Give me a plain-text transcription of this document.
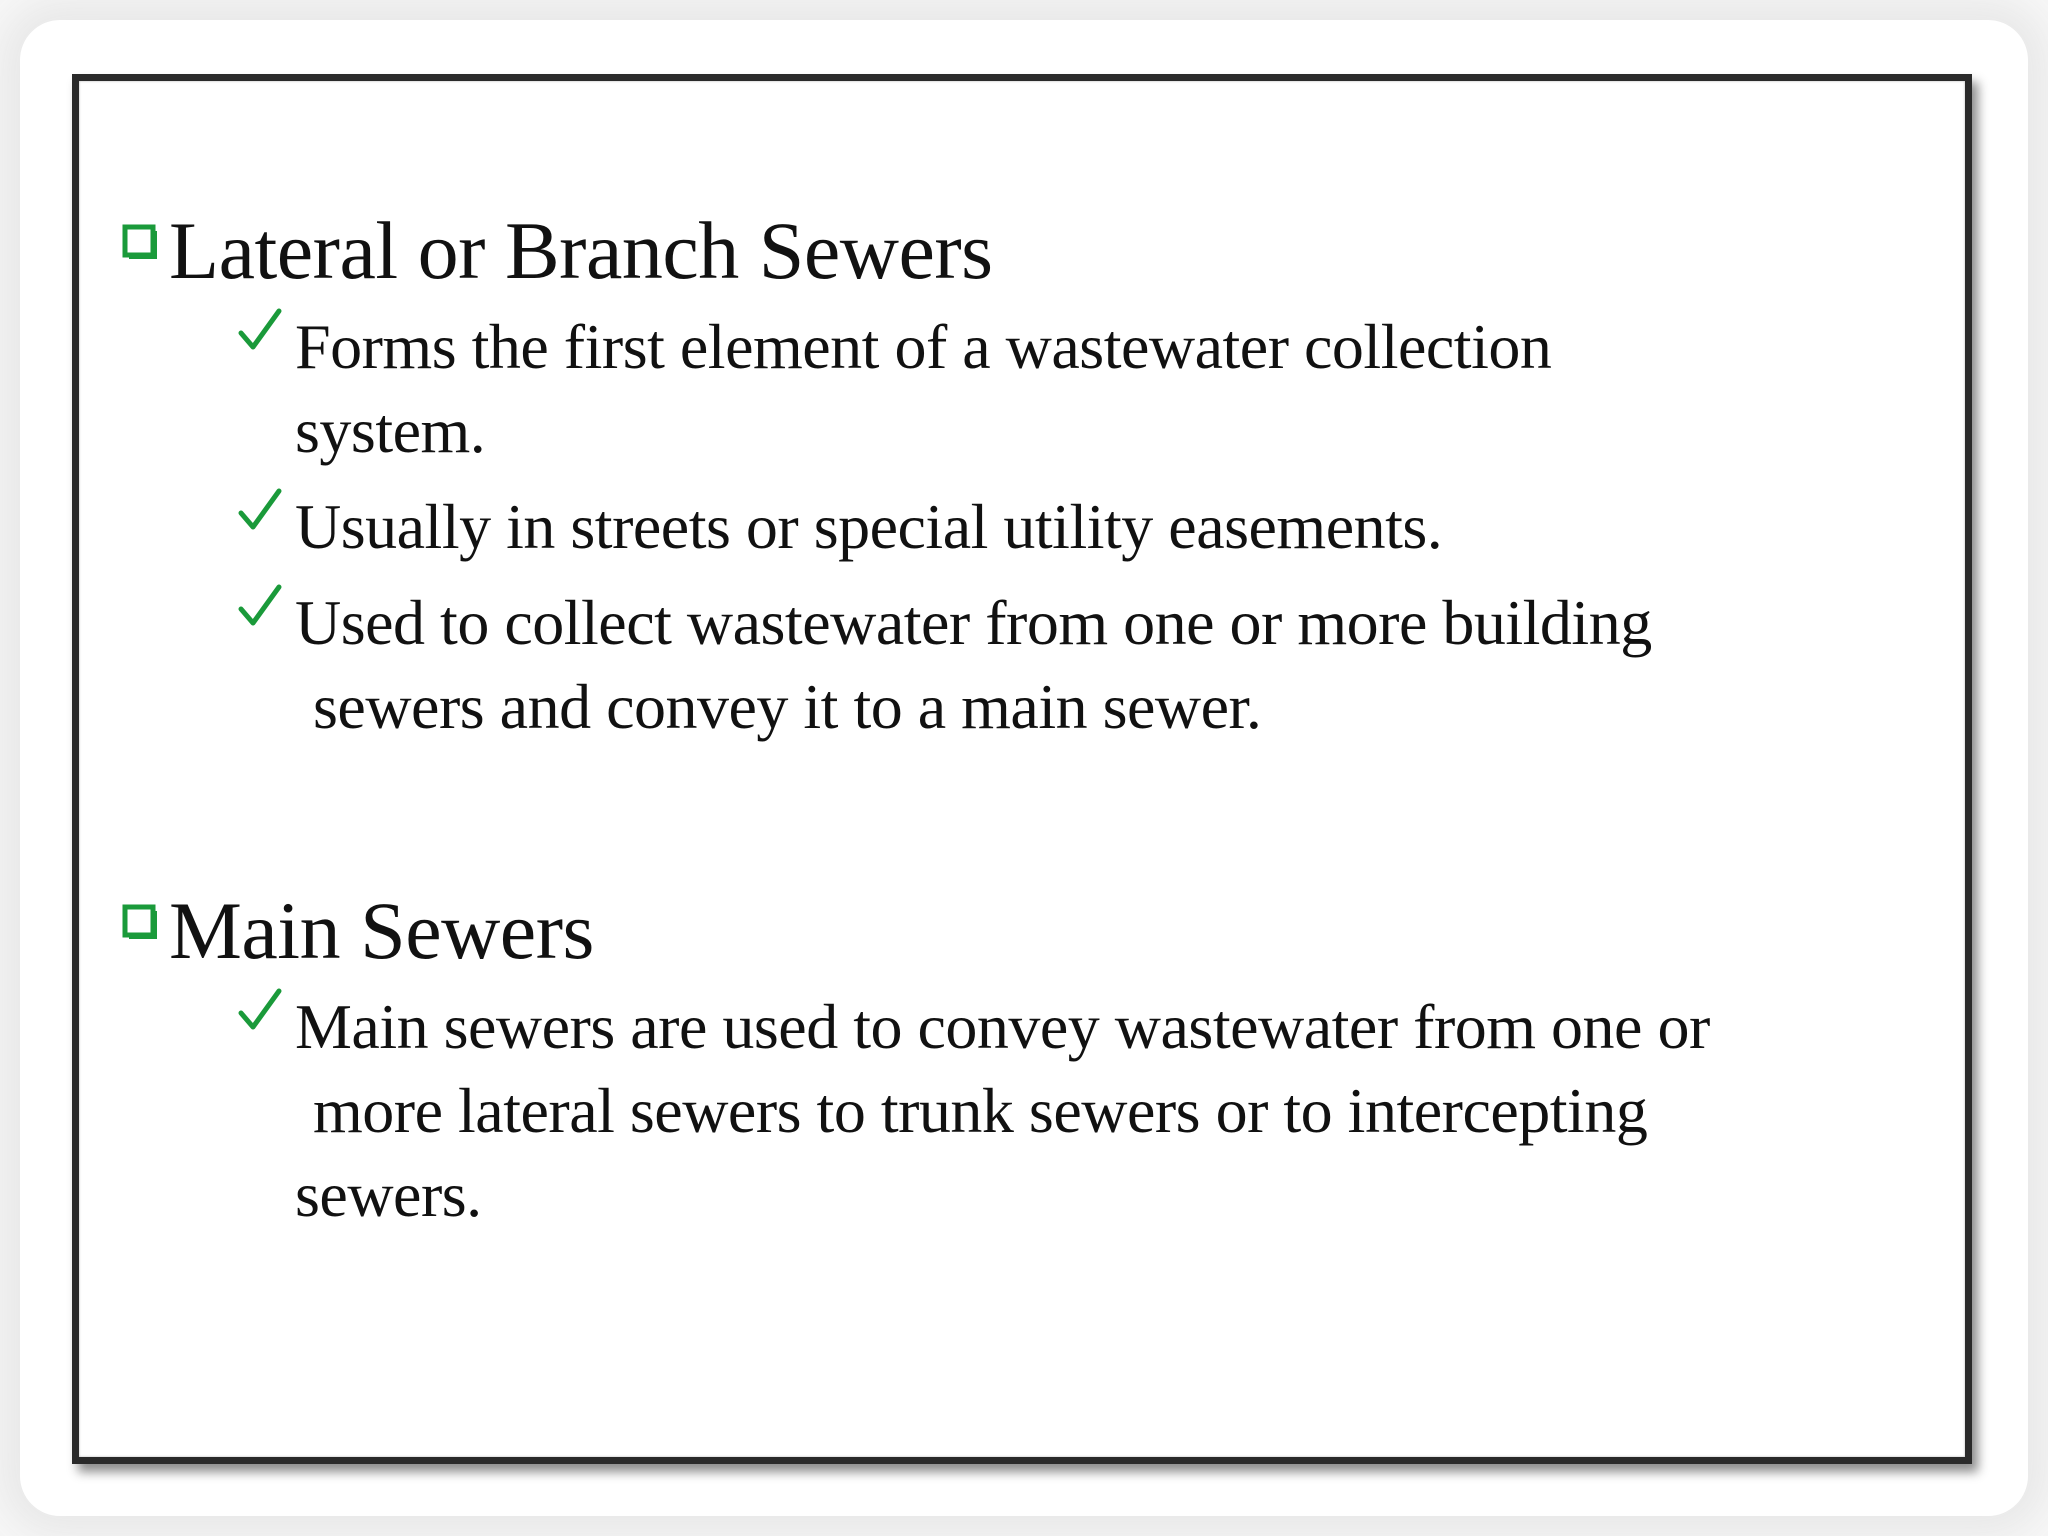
Lateral or Branch Sewers
Forms the first element of a wastewater collection
system.
Usually in streets or special utility easements.
Used to collect wastewater from one or more building
sewers and convey it to a main sewer.
Main Sewers
Main sewers are used to convey wastewater from one or
more lateral sewers to trunk sewers or to intercepting
sewers.
